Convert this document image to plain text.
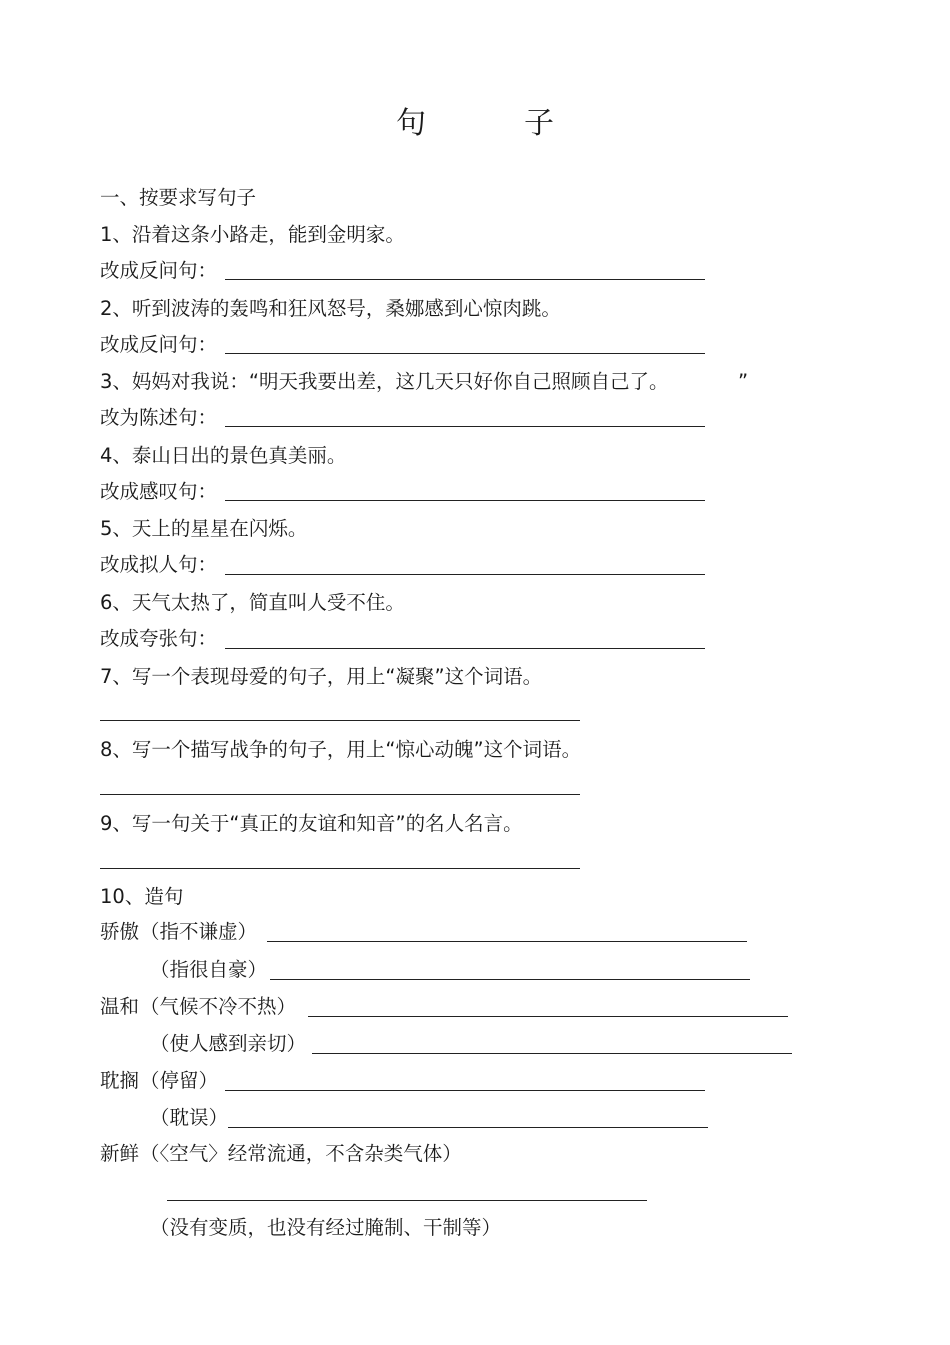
句　子
一、按要求写句子
1、沿着这条小路走，能到金明家。
改成反问句：
2、听到波涛的轰鸣和狂风怒号，桑娜感到心惊肉跳。
改成反问句：
3、妈妈对我说：“明天我要出差，这几天只好你自己照顾自己了。	”
改为陈述句：
4、泰山日出的景色真美丽。
改成感叹句：
5、天上的星星在闪烁。
改成拟人句：
6、天气太热了，简直叫人受不住。
改成夸张句：
7、写一个表现母爱的句子，用上“凝聚”这个词语。
8、写一个描写战争的句子，用上“惊心动魄”这个词语。
9、写一句关于“真正的友谊和知音”的名人名言。
10、造句
骄傲 （指不谦虚）
（指很自豪）
温和 （气候不冷不热）
（使人感到亲切）
耽搁 （停留）
（耽误）
新鲜 （〈空气〉经常流通，不含杂类气体）
（没有变质，也没有经过腌制、干制等）
